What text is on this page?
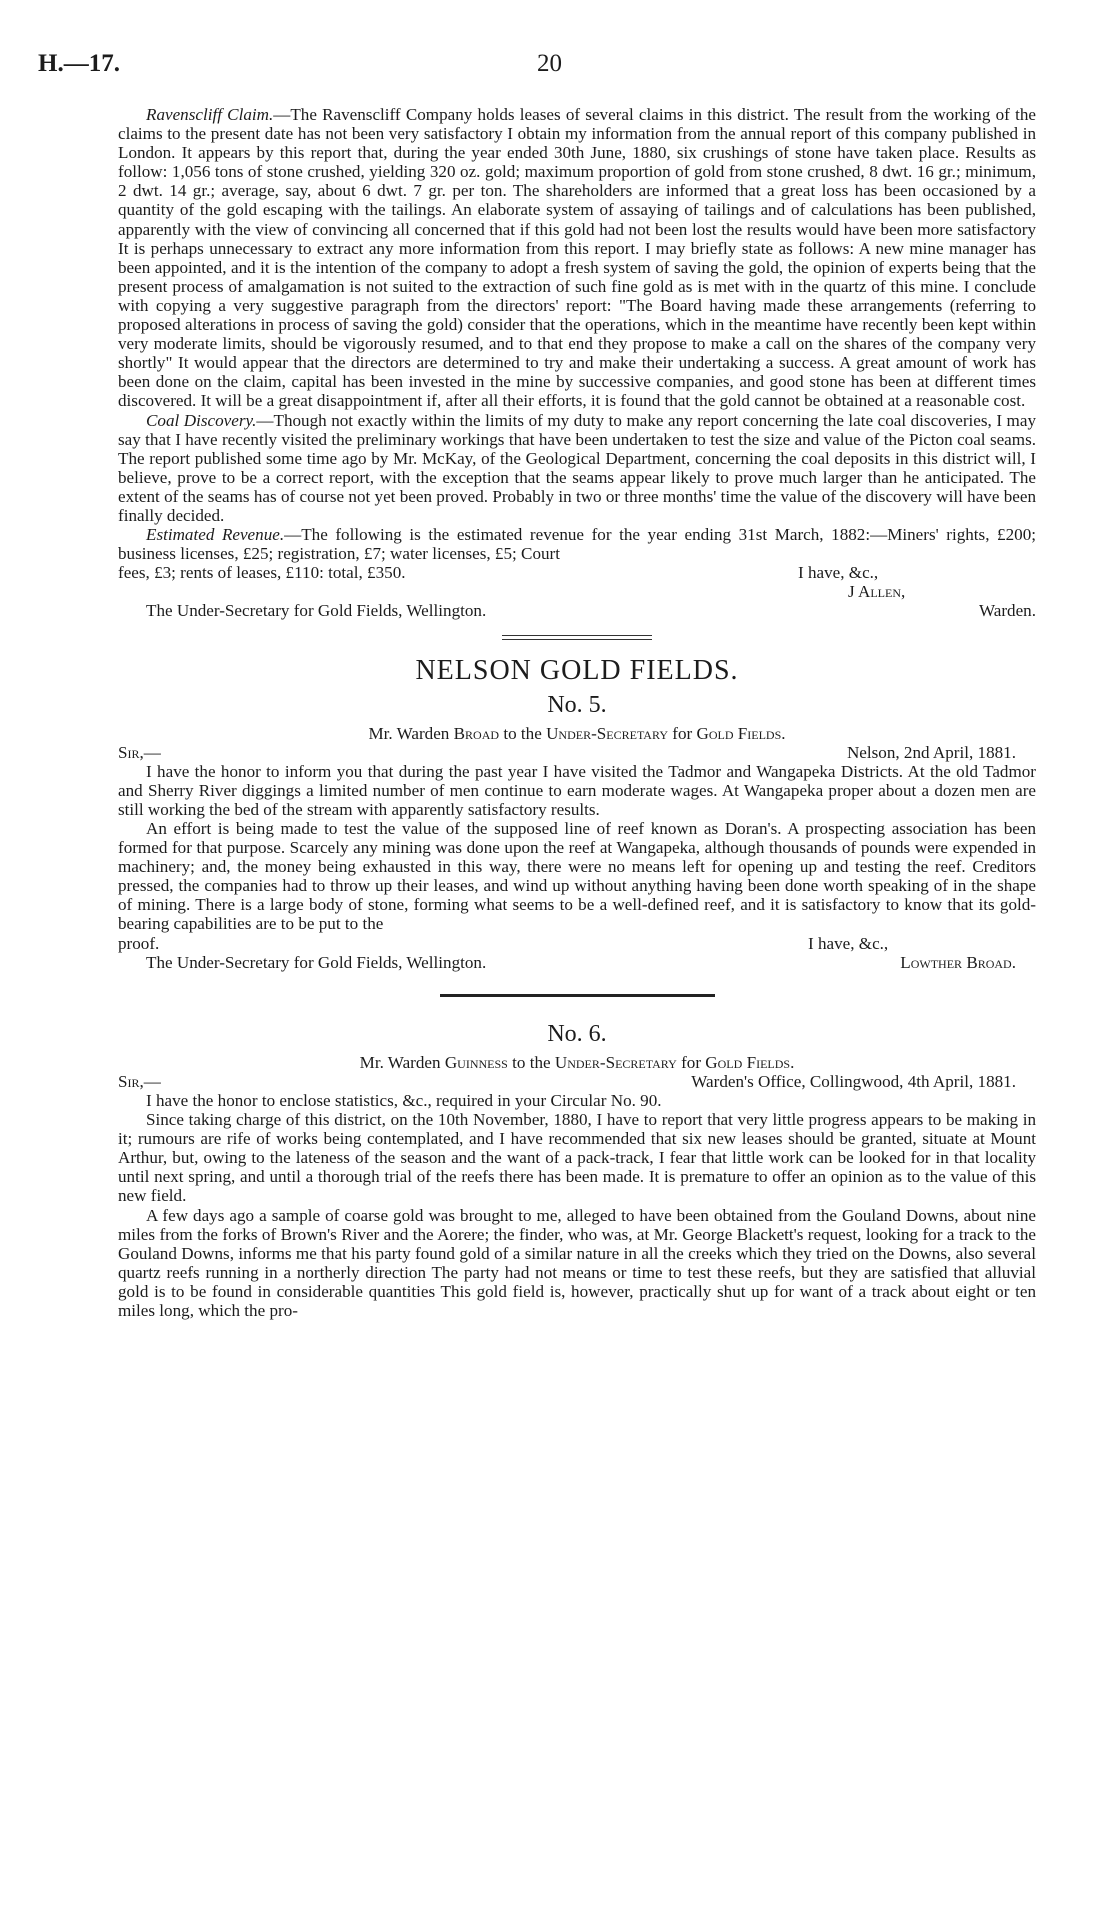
H.—17.	20

Ravenscliff Claim.—The Ravenscliff Company holds leases of several claims in this district. The result from the working of the claims to the present date has not been very satisfactory I obtain my information from the annual report of this company published in London. It appears by this report that, during the year ended 30th June, 1880, six crushings of stone have taken place. Results as follow: 1,056 tons of stone crushed, yielding 320 oz. gold; maximum proportion of gold from stone crushed, 8 dwt. 16 gr.; minimum, 2 dwt. 14 gr.; average, say, about 6 dwt. 7 gr. per ton. The shareholders are informed that a great loss has been occasioned by a quantity of the gold escaping with the tailings. An elaborate system of assaying of tailings and of calculations has been published, apparently with the view of convincing all concerned that if this gold had not been lost the results would have been more satisfactory It is perhaps unnecessary to extract any more information from this report. I may briefly state as follows: A new mine manager has been appointed, and it is the intention of the company to adopt a fresh system of saving the gold, the opinion of experts being that the present process of amalgamation is not suited to the extraction of such fine gold as is met with in the quartz of this mine. I conclude with copying a very suggestive paragraph from the directors' report: "The Board having made these arrangements (referring to proposed alterations in process of saving the gold) consider that the operations, which in the meantime have recently been kept within very moderate limits, should be vigorously resumed, and to that end they propose to make a call on the shares of the company very shortly" It would appear that the directors are determined to try and make their undertaking a success. A great amount of work has been done on the claim, capital has been invested in the mine by successive companies, and good stone has been at different times discovered. It will be a great disappointment if, after all their efforts, it is found that the gold cannot be obtained at a reasonable cost.

Coal Discovery.—Though not exactly within the limits of my duty to make any report concerning the late coal discoveries, I may say that I have recently visited the preliminary workings that have been undertaken to test the size and value of the Picton coal seams. The report published some time ago by Mr. McKay, of the Geological Department, concerning the coal deposits in this district will, I believe, prove to be a correct report, with the exception that the seams appear likely to prove much larger than he anticipated. The extent of the seams has of course not yet been proved. Probably in two or three months' time the value of the discovery will have been finally decided.

Estimated Revenue.—The following is the estimated revenue for the year ending 31st March, 1882:—Miners' rights, £200; business licenses, £25; registration, £7; water licenses, £5; Court

fees, £3; rents of leases, £110: total, £350.	I have, &c.,
J Allen,
The Under-Secretary for Gold Fields, Wellington.	Warden.
NELSON GOLD FIELDS.
No. 5.
Mr. Warden Broad to the Under-Secretary for Gold Fields.
Sir,—	Nelson, 2nd April, 1881.

I have the honor to inform you that during the past year I have visited the Tadmor and Wangapeka Districts. At the old Tadmor and Sherry River diggings a limited number of men continue to earn moderate wages. At Wangapeka proper about a dozen men are still working the bed of the stream with apparently satisfactory results.

An effort is being made to test the value of the supposed line of reef known as Doran's. A prospecting association has been formed for that purpose. Scarcely any mining was done upon the reef at Wangapeka, although thousands of pounds were expended in machinery; and, the money being exhausted in this way, there were no means left for opening up and testing the reef. Creditors pressed, the companies had to throw up their leases, and wind up without anything having been done worth speaking of in the shape of mining. There is a large body of stone, forming what seems to be a well-defined reef, and it is satisfactory to know that its gold-bearing capabilities are to be put to the

proof.	I have, &c.,
The Under-Secretary for Gold Fields, Wellington.	Lowther Broad.
No. 6.
Mr. Warden Guinness to the Under-Secretary for Gold Fields.
Sir,—	Warden's Office, Collingwood, 4th April, 1881.

I have the honor to enclose statistics, &c., required in your Circular No. 90.

Since taking charge of this district, on the 10th November, 1880, I have to report that very little progress appears to be making in it; rumours are rife of works being contemplated, and I have recommended that six new leases should be granted, situate at Mount Arthur, but, owing to the lateness of the season and the want of a pack-track, I fear that little work can be looked for in that locality until next spring, and until a thorough trial of the reefs there has been made. It is premature to offer an opinion as to the value of this new field.

A few days ago a sample of coarse gold was brought to me, alleged to have been obtained from the Gouland Downs, about nine miles from the forks of Brown's River and the Aorere; the finder, who was, at Mr. George Blackett's request, looking for a track to the Gouland Downs, informs me that his party found gold of a similar nature in all the creeks which they tried on the Downs, also several quartz reefs running in a northerly direction The party had not means or time to test these reefs, but they are satisfied that alluvial gold is to be found in considerable quantities This gold field is, however, practically shut up for want of a track about eight or ten miles long, which the pro-
